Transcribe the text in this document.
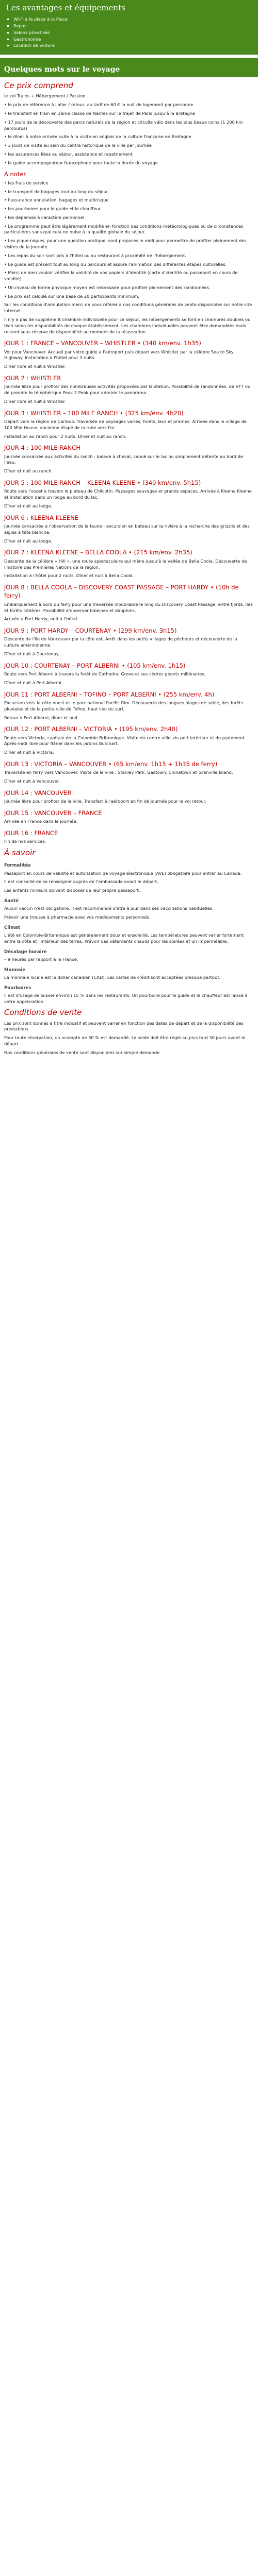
Les avantages et équipements
▪ Wi-Fi à la place à la Place
▪ Repas
▪ Salons privatisés
▪ Gastronomie
▪ Location de voiture
Quelques mots sur le voyage
Ce prix comprend

le vol Trains + Hébergement / Passion

• le prix de référence à l'aller / retour, au tarif de 60 € la nuit de logement par personne

• le transfert en train en 2ème classe de Nantes sur le trajet de Paris jusqu'à la Bretagne

• 17 jours de la découverte des parcs naturels de la région et circuits vélo dans les plus beaux coins (1 200 km parcourus)

• le dîner à notre arrivée suite à la visite en anglais de la culture française en Bretagne

• 3 jours de visite au sein du centre historique de la ville par journée

• les assurances liées au séjour, assistance et rapatriement

• le guide accompagnateur francophone pour toute la durée du voyage

À noter

• les frais de service

• le transport de bagages tout au long du séjour

• l'assurance annulation, bagages et multirisque

• les pourboires pour le guide et le chauffeur

• les dépenses à caractère personnel

• Le programme peut être légèrement modifié en fonction des conditions météorologiques ou de circonstances particulières sans que cela ne nuise à la qualité globale du séjour.

• Les pique-niques, pour une question pratique, sont proposés le midi pour permettre de profiter pleinement des visites de la journée.

• Les repas du soir sont pris à l'hôtel ou au restaurant à proximité de l'hébergement.

• Le guide est présent tout au long du parcours et assure l'animation des différentes étapes culturelles.

• Merci de bien vouloir vérifier la validité de vos papiers d'identité (carte d'identité ou passeport en cours de validité).

• Un niveau de forme physique moyen est nécessaire pour profiter pleinement des randonnées.

• Le prix est calculé sur une base de 20 participants minimum.

Sur les conditions d'annulation merci de vous référer à nos conditions générales de vente disponibles sur notre site internet.

Il n'y a pas de supplément chambre individuelle pour ce séjour, les hébergements se font en chambres doubles ou twin selon les disponibilités de chaque établissement. Les chambres individuelles peuvent être demandées mais restent sous réserve de disponibilité au moment de la réservation.

JOUR 1 : FRANCE – VANCOUVER – WHISTLER • (340 km/env. 1h35)

Vol pour Vancouver. Accueil par votre guide à l'aéroport puis départ vers Whistler par la célèbre Sea to Sky Highway. Installation à l'hôtel pour 3 nuits.

Dîner libre et nuit à Whistler.

JOUR 2 : WHISTLER

Journée libre pour profiter des nombreuses activités proposées par la station. Possibilité de randonnées, de VTT ou de prendre le téléphérique Peak 2 Peak pour admirer le panorama.

Dîner libre et nuit à Whistler.

JOUR 3 : WHISTLER – 100 MILE RANCH • (325 km/env. 4h20)

Départ vers la région de Cariboo. Traversée de paysages variés, forêts, lacs et prairies. Arrivée dans le village de 100 Mile House, ancienne étape de la ruée vers l'or.

Installation au ranch pour 2 nuits. Dîner et nuit au ranch.

JOUR 4 : 100 MILE RANCH

Journée consacrée aux activités du ranch : balade à cheval, canoë sur le lac ou simplement détente au bord de l'eau.

Dîner et nuit au ranch.

JOUR 5 : 100 MILE RANCH – KLEENA KLEENE • (340 km/env. 5h15)

Route vers l'ouest à travers le plateau de Chilcotin. Paysages sauvages et grands espaces. Arrivée à Kleena Kleene et installation dans un lodge au bord du lac.

Dîner et nuit au lodge.

JOUR 6 : KLEENA KLEENE

Journée consacrée à l'observation de la faune : excursion en bateau sur la rivière à la recherche des grizzlis et des aigles à tête blanche.

Dîner et nuit au lodge.

JOUR 7 : KLEENA KLEENE – BELLA COOLA • (215 km/env. 2h35)

Descente de la célèbre « Hill », une route spectaculaire qui mène jusqu'à la vallée de Bella Coola. Découverte de l'histoire des Premières Nations de la région.

Installation à l'hôtel pour 2 nuits. Dîner et nuit à Bella Coola.

JOUR 8 : BELLA COOLA – DISCOVERY COAST PASSAGE – PORT HARDY • (10h de ferry)

Embarquement à bord du ferry pour une traversée inoubliable le long du Discovery Coast Passage, entre fjords, îles et forêts côtières. Possibilité d'observer baleines et dauphins.

Arrivée à Port Hardy, nuit à l'hôtel.

JOUR 9 : PORT HARDY – COURTENAY • (299 km/env. 3h15)

Descente de l'île de Vancouver par la côte est. Arrêt dans les petits villages de pêcheurs et découverte de la culture amérindienne.

Dîner et nuit à Courtenay.

JOUR 10 : COURTENAY – PORT ALBERNI • (105 km/env. 1h15)

Route vers Port Alberni à travers la forêt de Cathedral Grove et ses cèdres géants millénaires.

Dîner et nuit à Port Alberni.

JOUR 11 : PORT ALBERNI – TOFINO – PORT ALBERNI • (255 km/env. 4h)

Excursion vers la côte ouest et le parc national Pacific Rim. Découverte des longues plages de sable, des forêts pluviales et de la petite ville de Tofino, haut lieu du surf.

Retour à Port Alberni, dîner et nuit.

JOUR 12 : PORT ALBERNI – VICTORIA • (195 km/env. 2h40)

Route vers Victoria, capitale de la Colombie-Britannique. Visite du centre-ville, du port intérieur et du parlement. Après-midi libre pour flâner dans les jardins Butchart.

Dîner et nuit à Victoria.

JOUR 13 : VICTORIA – VANCOUVER • (65 km/env. 1h15 + 1h35 de ferry)

Traversée en ferry vers Vancouver. Visite de la ville : Stanley Park, Gastown, Chinatown et Granville Island.

Dîner et nuit à Vancouver.

JOUR 14 : VANCOUVER

Journée libre pour profiter de la ville. Transfert à l'aéroport en fin de journée pour le vol retour.

JOUR 15 : VANCOUVER – FRANCE

Arrivée en France dans la journée.

JOUR 16 : FRANCE

Fin de nos services.

À savoir
Formalités

Passeport en cours de validité et autorisation de voyage électronique (AVE) obligatoire pour entrer au Canada.

Il est conseillé de se renseigner auprès de l'ambassade avant le départ.

Les enfants mineurs doivent disposer de leur propre passeport.

Santé

Aucun vaccin n'est obligatoire. Il est recommandé d'être à jour dans ses vaccinations habituelles.

Prévoir une trousse à pharmacie avec vos médicaments personnels.

Climat

L'été en Colombie-Britannique est généralement doux et ensoleillé. Les températures peuvent varier fortement entre la côte et l'intérieur des terres. Prévoir des vêtements chauds pour les soirées et un imperméable.

Décalage horaire

– 9 heures par rapport à la France.

Monnaie

La monnaie locale est le dollar canadien (CAD). Les cartes de crédit sont acceptées presque partout.

Pourboires

Il est d'usage de laisser environ 15 % dans les restaurants. Un pourboire pour le guide et le chauffeur est laissé à votre appréciation.

Conditions de vente

Les prix sont donnés à titre indicatif et peuvent varier en fonction des dates de départ et de la disponibilité des prestations.

Pour toute réservation, un acompte de 30 % est demandé. Le solde doit être réglé au plus tard 30 jours avant le départ.

Nos conditions générales de vente sont disponibles sur simple demande.
